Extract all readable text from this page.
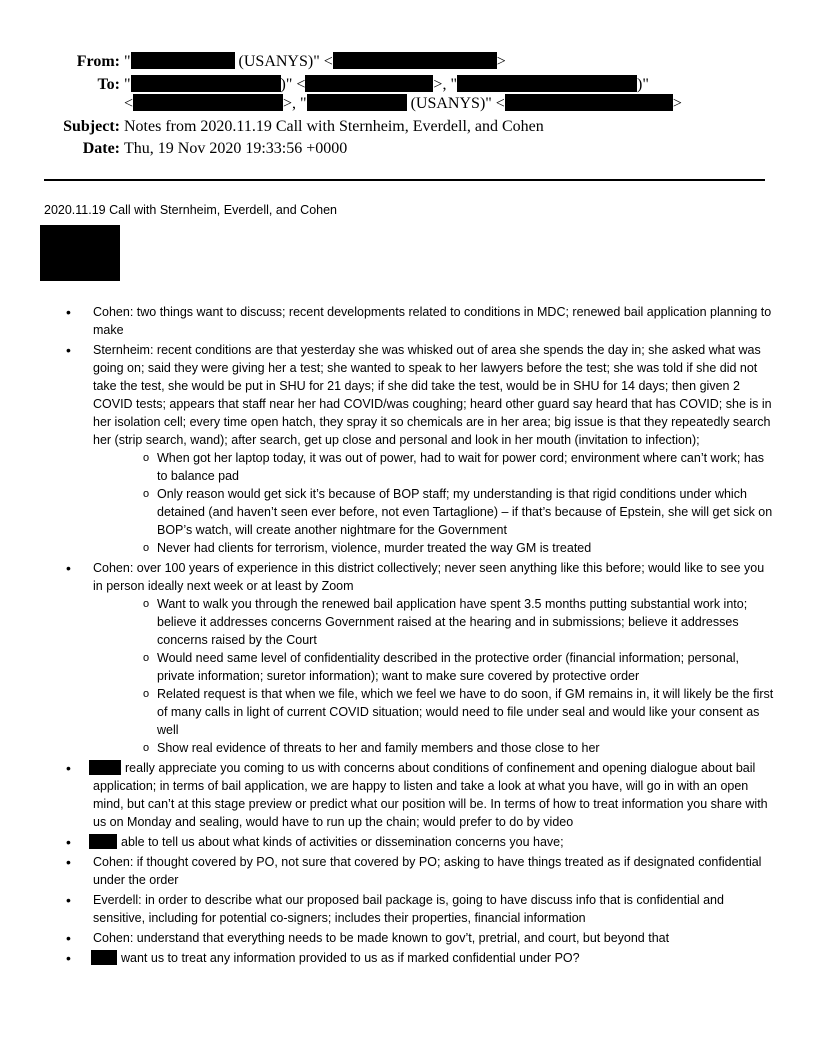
From: "	(USANYS)" <	>
To: "	)" <	>, "	)"
<	>, "	(USANYS)" <	>
Subject: Notes from 2020.11.19 Call with Sternheim, Everdell, and Cohen
Date: Thu, 19 Nov 2020 19:33:56 +0000

2020.11.19 Call with Sternheim, Everdell, and Cohen

• Cohen: two things want to discuss; recent developments related to conditions in MDC; renewed bail application planning to make
• Sternheim: recent conditions are that yesterday she was whisked out of area she spends the day in; she asked what was going on; said they were giving her a test; she wanted to speak to her lawyers before the test; she was told if she did not take the test, she would be put in SHU for 21 days; if she did take the test, would be in SHU for 14 days; then given 2 COVID tests; appears that staff near her had COVID/was coughing; heard other guard say heard that has COVID; she is in her isolation cell; every time open hatch, they spray it so chemicals are in her area; big issue is that they repeatedly search her (strip search, wand); after search, get up close and personal and look in her mouth (invitation to infection);
o When got her laptop today, it was out of power, had to wait for power cord; environment where can’t work; has to balance pad
o Only reason would get sick it’s because of BOP staff; my understanding is that rigid conditions under which detained (and haven’t seen ever before, not even Tartaglione) – if that’s because of Epstein, she will get sick on BOP’s watch, will create another nightmare for the Government
o Never had clients for terrorism, violence, murder treated the way GM is treated
• Cohen: over 100 years of experience in this district collectively; never seen anything like this before; would like to see you in person ideally next week or at least by Zoom
o Want to walk you through the renewed bail application have spent 3.5 months putting substantial work into; believe it addresses concerns Government raised at the hearing and in submissions; believe it addresses concerns raised by the Court
o Would need same level of confidentiality described in the protective order (financial information; personal, private information; suretor information); want to make sure covered by protective order
o Related request is that when we file, which we feel we have to do soon, if GM remains in, it will likely be the first of many calls in light of current COVID situation; would need to file under seal and would like your consent as well
o Show real evidence of threats to her and family members and those close to her
• really appreciate you coming to us with concerns about conditions of confinement and opening dialogue about bail application; in terms of bail application, we are happy to listen and take a look at what you have, will go in with an open mind, but can’t at this stage preview or predict what our position will be. In terms of how to treat information you share with us on Monday and sealing, would have to run up the chain; would prefer to do by video
• able to tell us about what kinds of activities or dissemination concerns you have;
• Cohen: if thought covered by PO, not sure that covered by PO; asking to have things treated as if designated confidential under the order
• Everdell: in order to describe what our proposed bail package is, going to have discuss info that is confidential and sensitive, including for potential co-signers; includes their properties, financial information
• Cohen: understand that everything needs to be made known to gov’t, pretrial, and court, but beyond that
• want us to treat any information provided to us as if marked confidential under PO?
